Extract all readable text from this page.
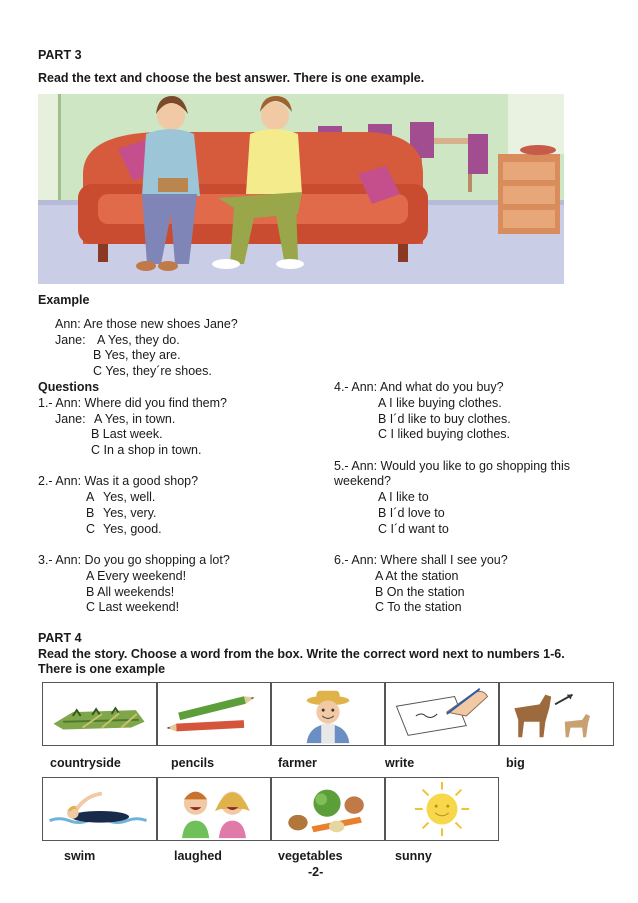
PART 3
Read the text and choose the best answer. There is one example.
Example
Ann: Are those new shoes Jane?
Jane: A Yes, they do.
B Yes, they are.
C Yes, they´re shoes.
Questions
1.- Ann: Where did you find them?
Jane: A Yes, in town.
B Last week.
C In a shop in town.
2.- Ann: Was it a good shop?
A Yes, well.
B Yes, very.
C Yes, good.
3.- Ann: Do you go shopping a lot?
A Every weekend!
B All weekends!
C Last weekend!
4.- Ann: And what do you buy?
A I like buying clothes.
B I´d like to buy clothes.
C I liked buying clothes.
5.- Ann: Would you like to go shopping this
weekend?
A I like to
B I´d love to
C I´d want to
6.- Ann: Where shall I see you?
A At the station
B On the station
C To the station
PART 4
Read the story. Choose a word from the box. Write the correct word next to numbers 1-6.
There is one example
countryside	pencils	farmer	write	big
swim	laughed	vegetables	sunny
-2-
